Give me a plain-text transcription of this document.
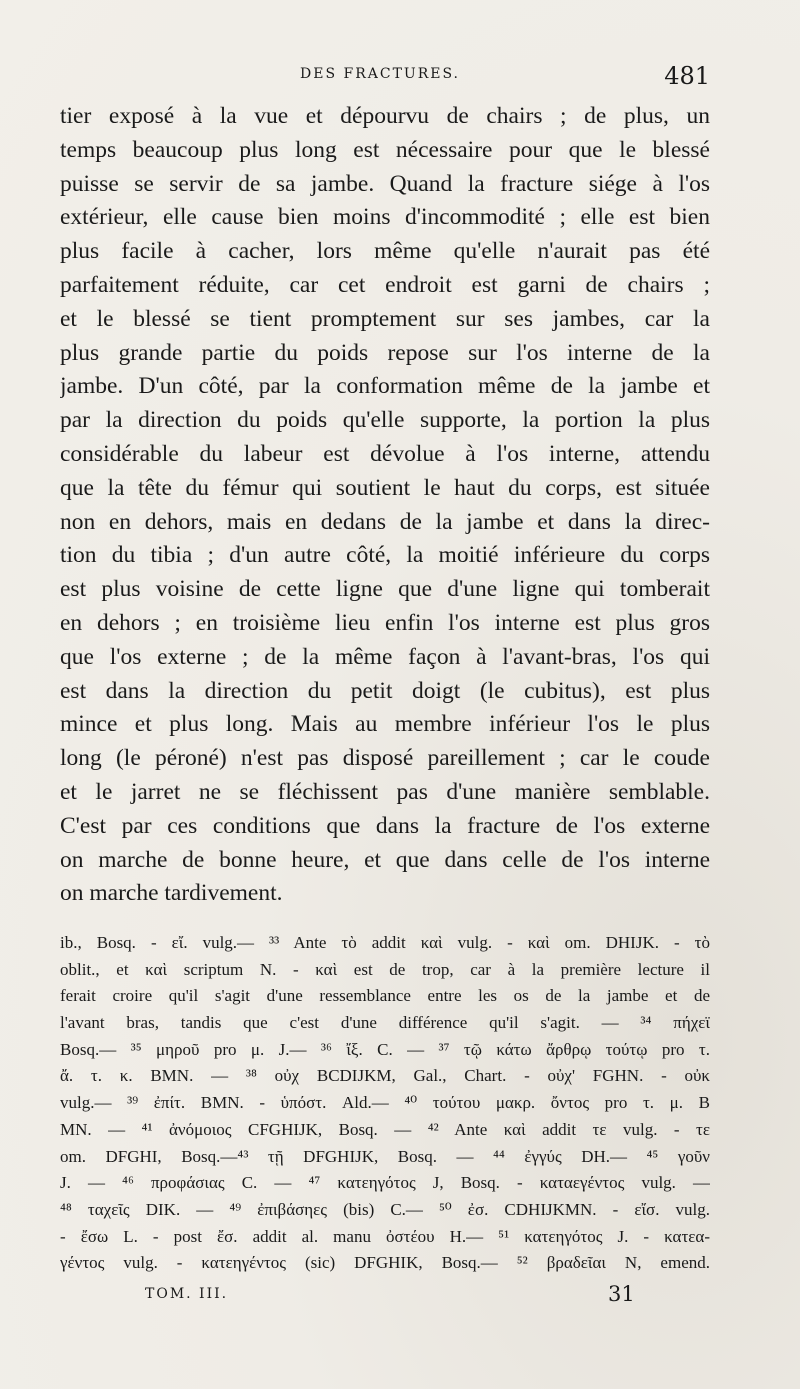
DES FRACTURES.	481
tier exposé à la vue et dépourvu de chairs ; de plus, un
temps beaucoup plus long est nécessaire pour que le blessé
puisse se servir de sa jambe. Quand la fracture siége à l'os
extérieur, elle cause bien moins d'incommodité ; elle est bien
plus facile à cacher, lors même qu'elle n'aurait pas été
parfaitement réduite, car cet endroit est garni de chairs ;
et le blessé se tient promptement sur ses jambes, car la
plus grande partie du poids repose sur l'os interne de la
jambe. D'un côté, par la conformation même de la jambe et
par la direction du poids qu'elle supporte, la portion la plus
considérable du labeur est dévolue à l'os interne, attendu
que la tête du fémur qui soutient le haut du corps, est située
non en dehors, mais en dedans de la jambe et dans la direc-
tion du tibia ; d'un autre côté, la moitié inférieure du corps
est plus voisine de cette ligne que d'une ligne qui tomberait
en dehors ; en troisième lieu enfin l'os interne est plus gros
que l'os externe ; de la même façon à l'avant-bras, l'os qui
est dans la direction du petit doigt (le cubitus), est plus
mince et plus long. Mais au membre inférieur l'os le plus
long (le péroné) n'est pas disposé pareillement ; car le coude
et le jarret ne se fléchissent pas d'une manière semblable.
C'est par ces conditions que dans la fracture de l'os externe
on marche de bonne heure, et que dans celle de l'os interne
on marche tardivement.
ib., Bosq. - εἴ. vulg.— ³³ Ante τὸ addit καὶ vulg. - καὶ om. DHIJK. - τὸ
oblit., et καὶ scriptum N. - καὶ est de trop, car à la première lecture il
ferait croire qu'il s'agit d'une ressemblance entre les os de la jambe et de
l'avant bras, tandis que c'est d'une différence qu'il s'agit. — ³⁴ πήχεϊ
Bosq.— ³⁵ μηροῦ pro μ. J.— ³⁶ ἴξ. C. — ³⁷ τῷ κάτω ἄρθρῳ τούτῳ pro τ.
ἄ. τ. κ. BMN. — ³⁸ οὐχ BCDIJKM, Gal., Chart. - οὐχ' FGHN. - οὐκ
vulg.— ³⁹ ἐπίτ. BMN. - ὑπόστ. Ald.— ⁴⁰ τούτου μακρ. ὄντος pro τ. μ. B
MN. — ⁴¹ ἀνόμοιος CFGHIJK, Bosq. — ⁴² Ante καὶ addit τε vulg. - τε
om. DFGHI, Bosq.—⁴³ τῇ DFGHIJK, Bosq. — ⁴⁴ ἐγγύς DH.— ⁴⁵ γοῦν
J. — ⁴⁶ προφάσιας C. — ⁴⁷ κατεηγότος J, Bosq. - καταεγέντος vulg. —
⁴⁸ ταχεῖς DIK. — ⁴⁹ ἐπιβάσηες (bis) C.— ⁵⁰ ἐσ. CDHIJKMN. - εἴσ. vulg.
- ἔσω L. - post ἔσ. addit al. manu ὀστέου H.— ⁵¹ κατεηγότος J. - κατεα-
γέντος vulg. - κατεηγέντος (sic) DFGHIK, Bosq.— ⁵² βραδεῖαι N, emend.
TOM. III.	31
